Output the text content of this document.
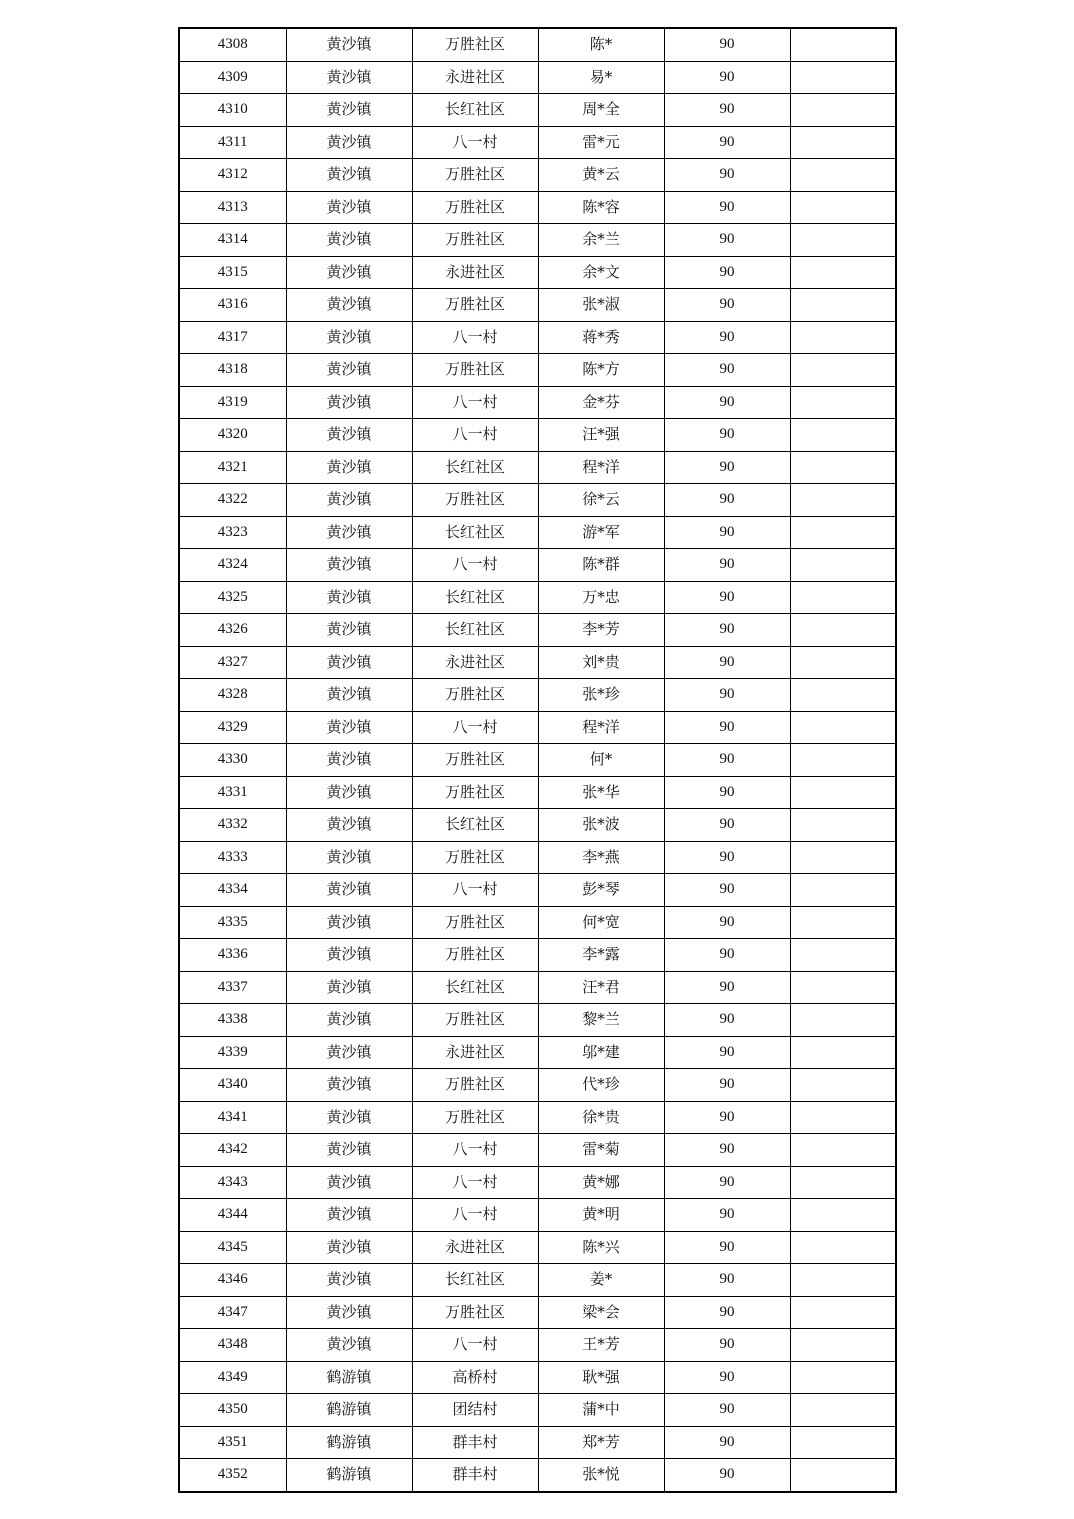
4308	黄沙镇	万胜社区	陈*	90	
4309	黄沙镇	永进社区	易*	90	
4310	黄沙镇	长红社区	周*全	90	
4311	黄沙镇	八一村	雷*元	90	
4312	黄沙镇	万胜社区	黄*云	90	
4313	黄沙镇	万胜社区	陈*容	90	
4314	黄沙镇	万胜社区	余*兰	90	
4315	黄沙镇	永进社区	余*文	90	
4316	黄沙镇	万胜社区	张*淑	90	
4317	黄沙镇	八一村	蒋*秀	90	
4318	黄沙镇	万胜社区	陈*方	90	
4319	黄沙镇	八一村	金*芬	90	
4320	黄沙镇	八一村	汪*强	90	
4321	黄沙镇	长红社区	程*洋	90	
4322	黄沙镇	万胜社区	徐*云	90	
4323	黄沙镇	长红社区	游*军	90	
4324	黄沙镇	八一村	陈*群	90	
4325	黄沙镇	长红社区	万*忠	90	
4326	黄沙镇	长红社区	李*芳	90	
4327	黄沙镇	永进社区	刘*贵	90	
4328	黄沙镇	万胜社区	张*珍	90	
4329	黄沙镇	八一村	程*洋	90	
4330	黄沙镇	万胜社区	何*	90	
4331	黄沙镇	万胜社区	张*华	90	
4332	黄沙镇	长红社区	张*波	90	
4333	黄沙镇	万胜社区	李*燕	90	
4334	黄沙镇	八一村	彭*琴	90	
4335	黄沙镇	万胜社区	何*宽	90	
4336	黄沙镇	万胜社区	李*露	90	
4337	黄沙镇	长红社区	汪*君	90	
4338	黄沙镇	万胜社区	黎*兰	90	
4339	黄沙镇	永进社区	邬*建	90	
4340	黄沙镇	万胜社区	代*珍	90	
4341	黄沙镇	万胜社区	徐*贵	90	
4342	黄沙镇	八一村	雷*菊	90	
4343	黄沙镇	八一村	黄*娜	90	
4344	黄沙镇	八一村	黄*明	90	
4345	黄沙镇	永进社区	陈*兴	90	
4346	黄沙镇	长红社区	姜*	90	
4347	黄沙镇	万胜社区	梁*会	90	
4348	黄沙镇	八一村	王*芳	90	
4349	鹤游镇	高桥村	耿*强	90	
4350	鹤游镇	团结村	蒲*中	90	
4351	鹤游镇	群丰村	郑*芳	90	
4352	鹤游镇	群丰村	张*悦	90	
